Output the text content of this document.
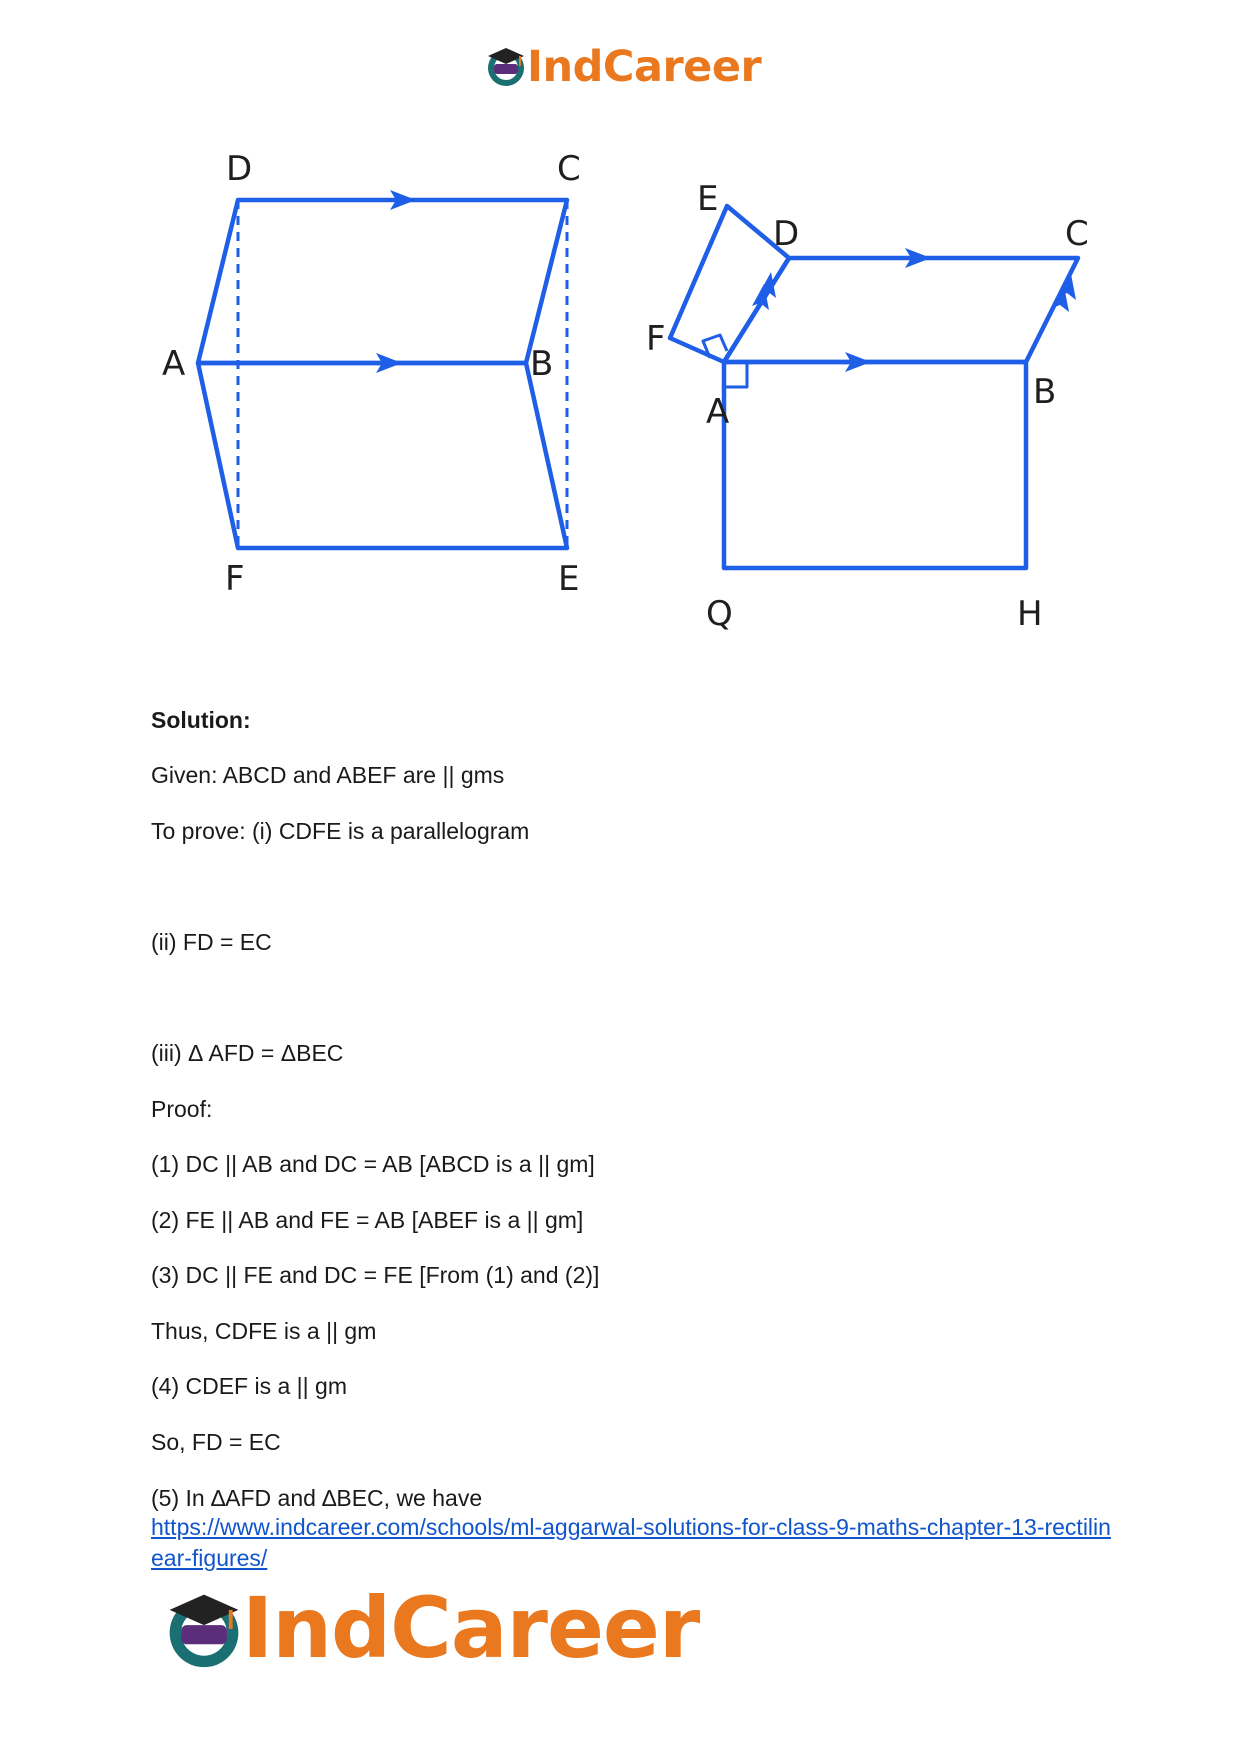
IndCareer
D	C
A	B
F	E
E
D	C
F
A	B
Q	H
Solution:
Given: ABCD and ABEF are || gms
To prove: (i) CDFE is a parallelogram
(ii) FD = EC
(iii) Δ AFD = ΔBEC
Proof:
(1) DC || AB and DC = AB [ABCD is a || gm]
(2) FE || AB and FE = AB [ABEF is a || gm]
(3) DC || FE and DC = FE [From (1) and (2)]
Thus, CDFE is a || gm
(4) CDEF is a || gm
So, FD = EC
(5) In ∆AFD and ∆BEC, we have
https://www.indcareer.com/schools/ml-aggarwal-solutions-for-class-9-maths-chapter-13-rectilinear-figures/
IndCareer
